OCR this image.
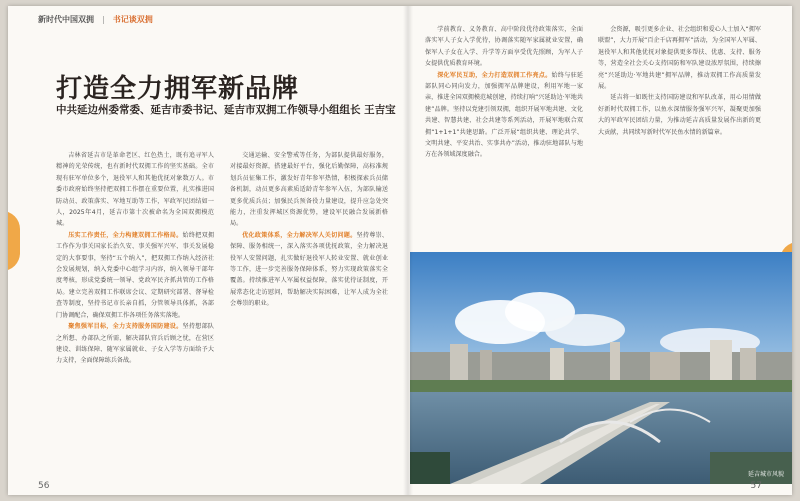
新时代中国双拥 | 书记谈双拥
打造全力拥军新品牌
中共延边州委常委、延吉市委书记、延吉市双拥工作领导小组组长 王吉宝

吉林省延吉市是革命老区、红色热土，既有追寻军人精神的光荣传统，也有新时代双拥工作的坚实基础。全市现有驻军单位多个，退役军人和其他优抚对象数万人。市委市政府始终坚持把双拥工作摆在重要位置，扎实推进国防动员、政策落实、军地互助等工作，军政军民团结如一人，2025年4月，延吉市第十次被命名为全国双拥模范城。

压实工作责任，全力构建双拥工作格局。始终把双拥工作作为事关国家长治久安、事关强军兴军、事关发展稳定的大事要事，坚持“五个纳入”，把双拥工作纳入经济社会发展规划，纳入党委中心组学习内容，纳入领导干部年度考核，形成党委统一领导、党政军民齐抓共管的工作格局。建立完善双拥工作联席会议、定期研究部署、督导检查等制度，坚持书记市长亲自抓，分管领导具体抓，各部门协调配合，确保双拥工作各项任务落实落地。

聚焦强军目标，全力支持服务国防建设。坚持想部队之所想、办部队之所需，解决部队官兵后顾之忧，在营区建设、训练保障、随军家属就业、子女入学等方面给予大力支持，全面保障练兵备战。

交通运输、安全警戒等任务，为部队提供最好服务，对接最好资源，搭建最好平台，强化后勤保障，高标准规划兵员征集工作，激发好青年参军热情，积极探索兵员储备机制，动员更多高素质适龄青年参军入伍，为部队输送更多优质兵员；加强民兵预备役力量建设，提升应急处突能力，注重发挥城区资源优势，建设军民融合发展新格局。

优化政策体系，全力解决军人关切问题。坚持尊崇、保障、服务相统一，深入落实各项优抚政策，全力解决退役军人安置问题，扎实做好退役军人转业安置、就业创业等工作，进一步完善服务保障体系，努力实现政策落实全覆盖。持续推进军人军属权益保障，落实优待证制度，开展常态化走访慰问，帮助解决实际困难，让军人成为全社会尊崇的职业。

学前教育、义务教育、高中阶段优待政策落实，全面落实军人子女入学优待，协调落实随军家属就业安置，确保军人子女在入学、升学等方面享受优先照顾，为军人子女提供优质教育环境。

深化军民互助，全力打造双拥工作亮点。始终与驻延部队同心同向发力，加强拥军品牌建设，利用军地一家亲，推进全国双拥模范城创建，持续打响“兴延助边·军地共建”品牌。坚持以党建引领双拥，组织开展军地共建、文化共建、智慧共建、社会共建等系列活动，开展军地联合双拥“1+1+1”共建思路。广泛开展“组织共建、理论共学、文明共建、平安共治、实事共办”活动，推动驻地部队与地方在各领域深度融合。

会资源，吸引更多企业、社会组织和爱心人士加入“拥军联盟”，大力开展“百企千店再拥军”活动，为全国军人军属、退役军人和其他优抚对象提供更多帮扶、优惠、支持、服务等，营造全社会关心支持国防和军队建设浓厚氛围，持续擦亮“兴延助边·军地共建”拥军品牌，推动双拥工作高质量发展。

延吉将一如既往支持国防建设和军队改革，用心用情做好新时代双拥工作，以鱼水深情服务强军兴军，凝聚更加强大的军政军民团结力量，为推动延吉高质量发展作出新的更大贡献，共同续写新时代军民鱼水情的新篇章。

延吉城市风貌
56	57
